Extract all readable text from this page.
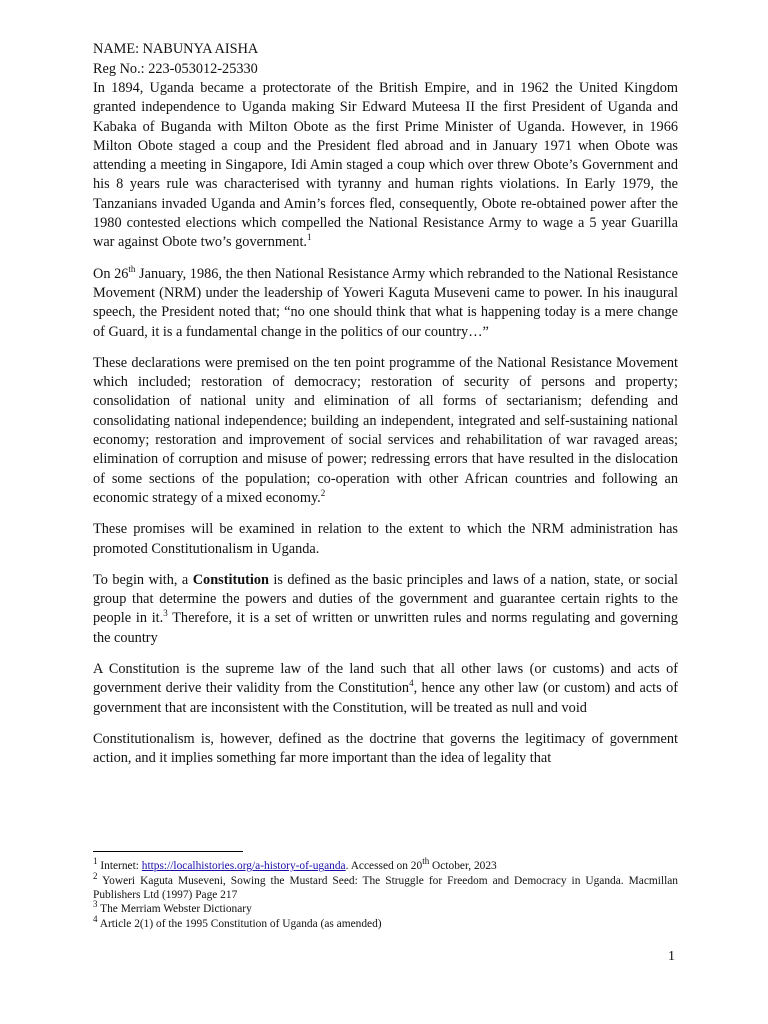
NAME: NABUNYA AISHA

Reg No.: 223-053012-25330

In 1894, Uganda became a protectorate of the British Empire, and in 1962 the United Kingdom granted independence to Uganda making Sir Edward Muteesa II the first President of Uganda and Kabaka of Buganda with Milton Obote as the first Prime Minister of Uganda. However, in 1966 Milton Obote staged a coup and the President fled abroad and in January 1971 when Obote was attending a meeting in Singapore, Idi Amin staged a coup which over threw Obote’s Government and his 8 years rule was characterised with tyranny and human rights violations. In Early 1979, the Tanzanians invaded Uganda and Amin’s forces fled, consequently, Obote re-obtained power after the 1980 contested elections which compelled the National Resistance Army to wage a 5 year Guarilla war against Obote two’s government.$^1$

On 26th January, 1986, the then National Resistance Army which rebranded to the National Resistance Movement (NRM) under the leadership of Yoweri Kaguta Museveni came to power. In his inaugural speech, the President noted that; “no one should think that what is happening today is a mere change of Guard, it is a fundamental change in the politics of our country…”

These declarations were premised on the ten point programme of the National Resistance Movement which included; restoration of democracy; restoration of security of persons and property; consolidation of national unity and elimination of all forms of sectarianism; defending and consolidating national independence; building an independent, integrated and self-sustaining national economy; restoration and improvement of social services and rehabilitation of war ravaged areas; elimination of corruption and misuse of power; redressing errors that have resulted in the dislocation of some sections of the population; co-operation with other African countries and following an economic strategy of a mixed economy.$^2$

These promises will be examined in relation to the extent to which the NRM administration has promoted Constitutionalism in Uganda.

To begin with, a Constitution is defined as the basic principles and laws of a nation, state, or social group that determine the powers and duties of the government and guarantee certain rights to the people in it.$^3$ Therefore, it is a set of written or unwritten rules and norms regulating and governing the country

A Constitution is the supreme law of the land such that all other laws (or customs) and acts of government derive their validity from the Constitution$^4$, hence any other law (or custom) and acts of government that are inconsistent with the Constitution, will be treated as null and void

Constitutionalism is, however, defined as the doctrine that governs the legitimacy of government action, and it implies something far more important than the idea of legality that

$^1$ Internet: https://localhistories.org/a-history-of-uganda. Accessed on 20th October, 2023
$^2$ Yoweri Kaguta Museveni, Sowing the Mustard Seed: The Struggle for Freedom and Democracy in Uganda. Macmillan Publishers Ltd (1997) Page 217
$^3$ The Merriam Webster Dictionary
$^4$ Article 2(1) of the 1995 Constitution of Uganda (as amended)
1
